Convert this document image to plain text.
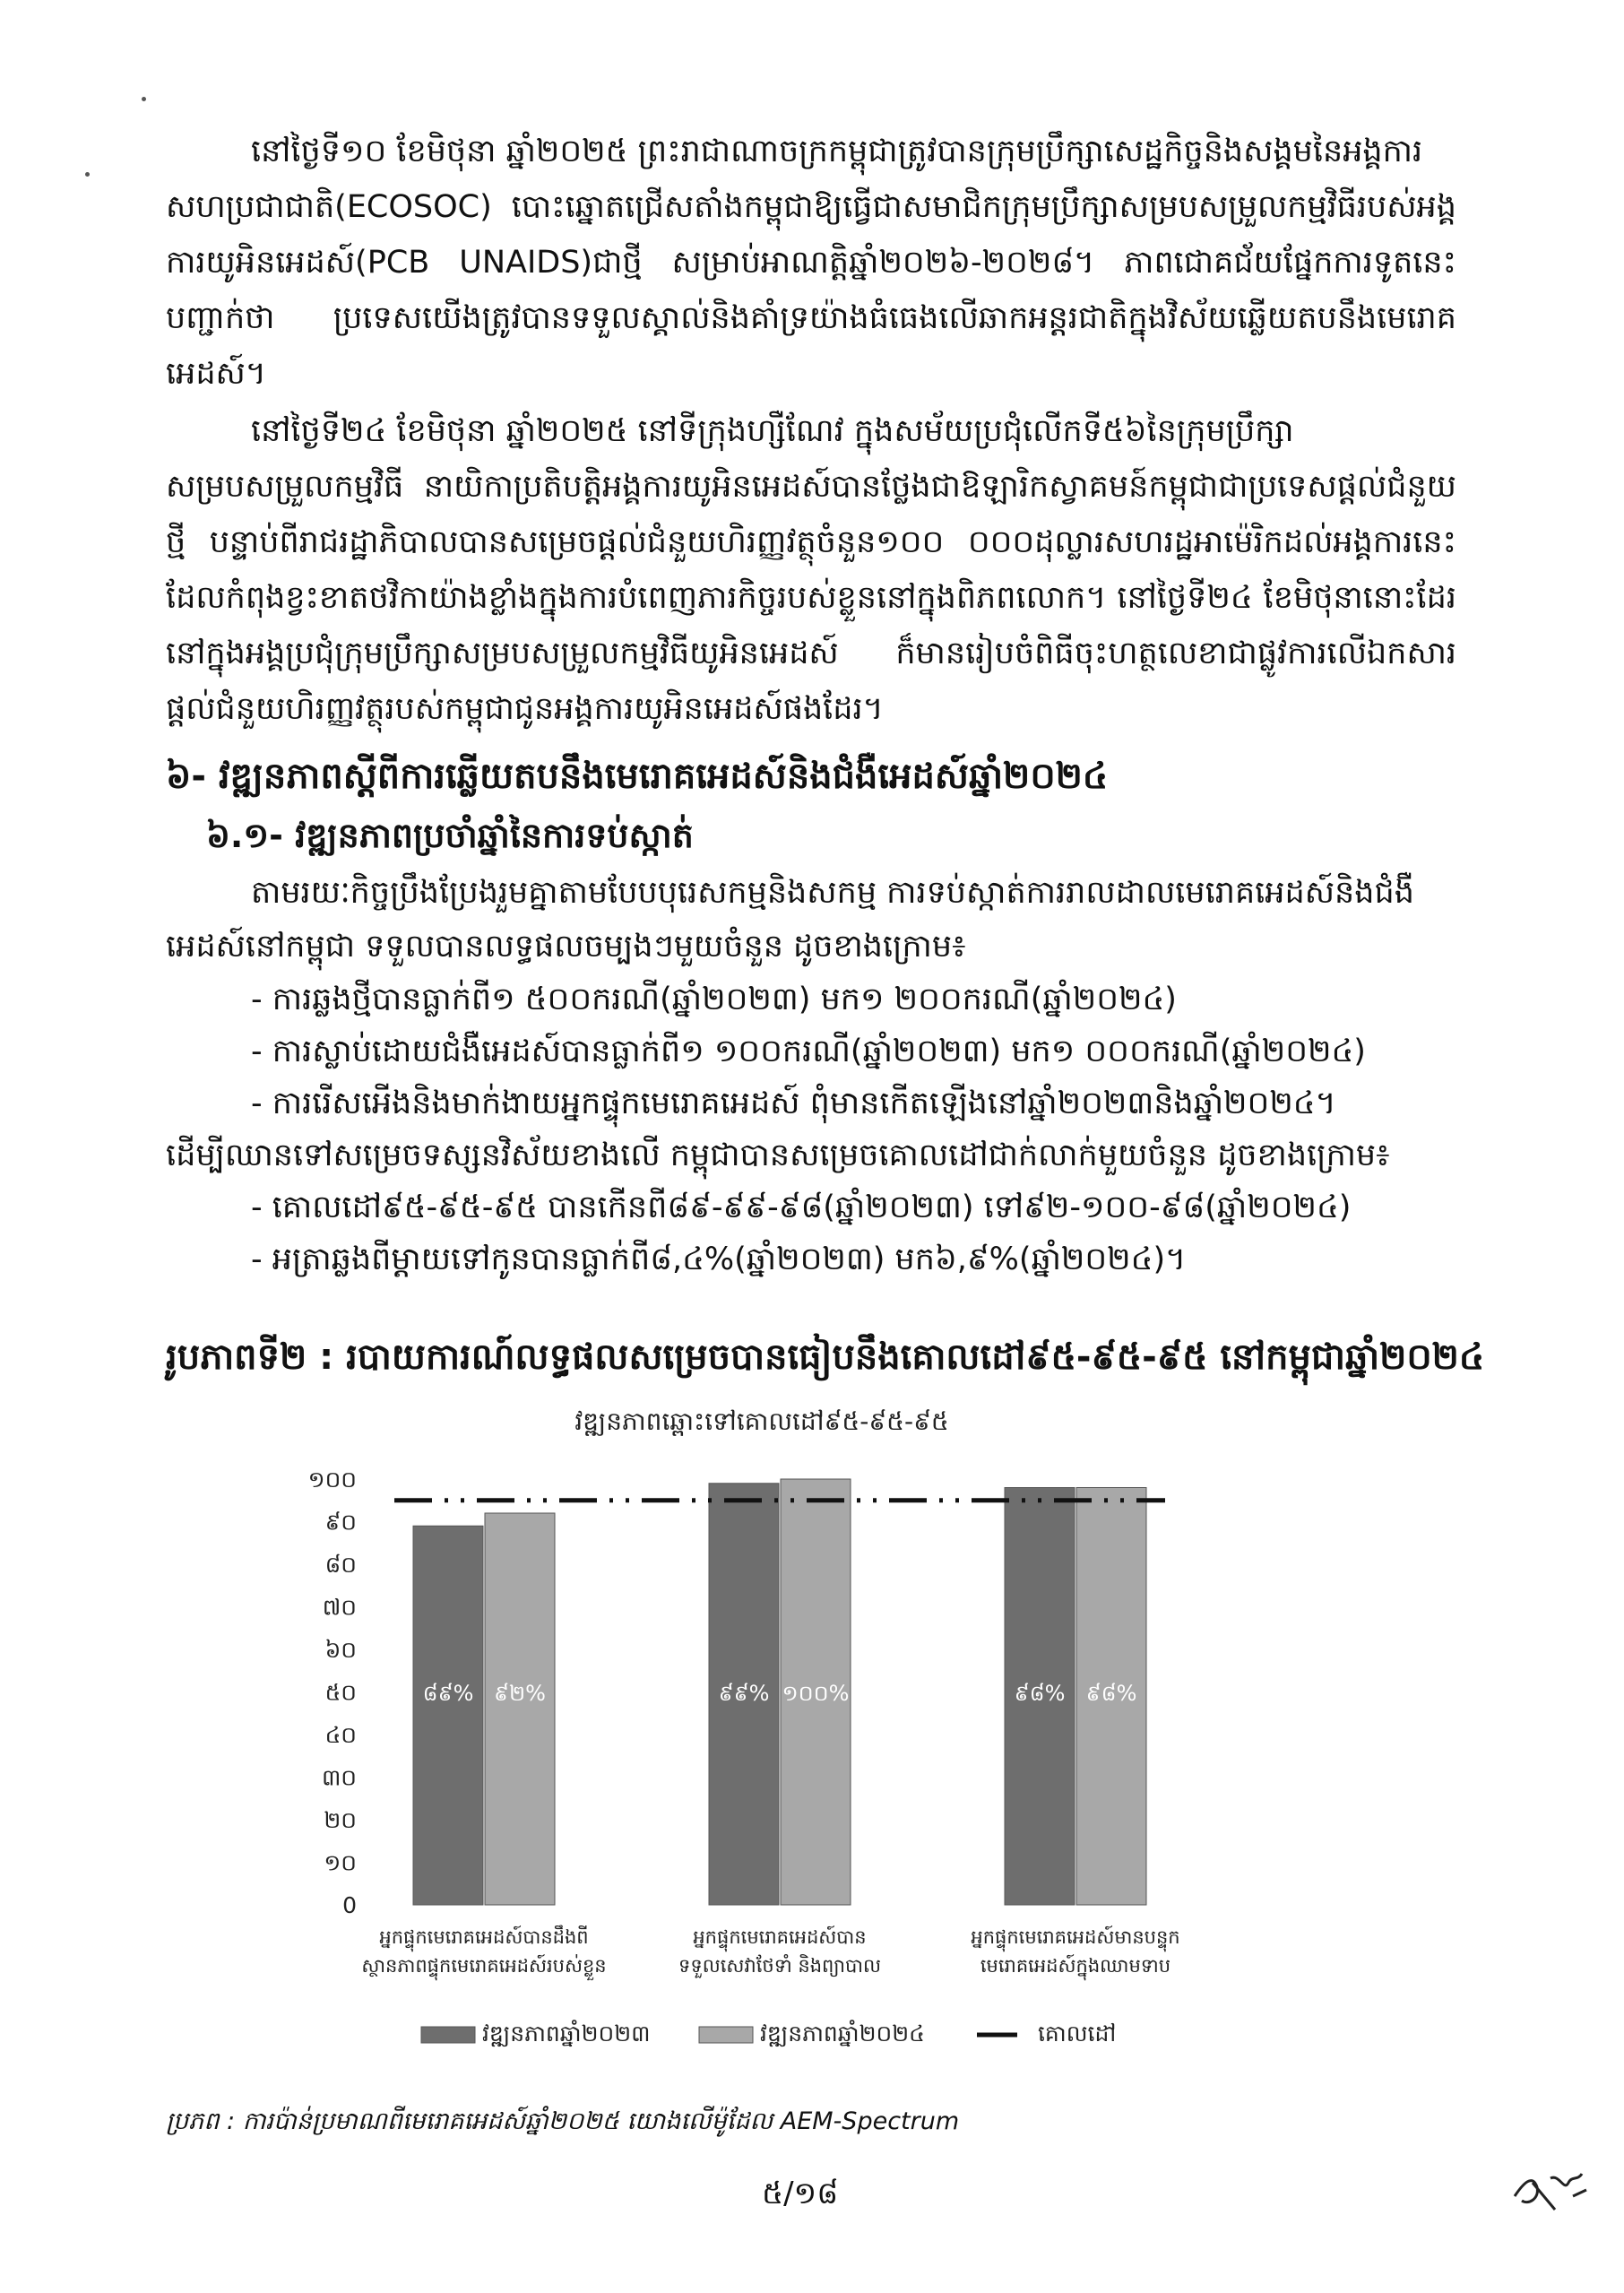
នៅថ្ងៃទី១០ ខែមិថុនា ឆ្នាំ២០២៥ ព្រះរាជាណាចក្រកម្ពុជាត្រូវបានក្រុមប្រឹក្សាសេដ្ឋកិច្ចនិងសង្គមនៃអង្គការ
សហប្រជាជាតិ(ECOSOC) បោះឆ្នោតជ្រើសតាំងកម្ពុជាឱ្យធ្វើជាសមាជិកក្រុមប្រឹក្សាសម្របសម្រួលកម្មវិធីរបស់អង្គការយូអិនអេដស៍(PCB UNAIDS)ជាថ្មី សម្រាប់អាណត្តិឆ្នាំ២០២៦-២០២៨។ ភាពជោគជ័យផ្នែកការទូតនេះបញ្ជាក់ថា ប្រទេសយើងត្រូវបានទទួលស្គាល់និងគាំទ្រយ៉ាងធំធេងលើឆាកអន្តរជាតិក្នុងវិស័យឆ្លើយតបនឹងមេរោគអេដស៍។
នៅថ្ងៃទី២៤ ខែមិថុនា ឆ្នាំ២០២៥ នៅទីក្រុងហ្សឺណែវ ក្នុងសម័យប្រជុំលើកទី៥៦នៃក្រុមប្រឹក្សា
សម្របសម្រួលកម្មវិធី នាយិកាប្រតិបត្តិអង្គការយូអិនអេដស៍បានថ្លែងជាឱឡារិកស្វាគមន៍កម្ពុជាជាប្រទេសផ្តល់ជំនួយថ្មី បន្ទាប់ពីរាជរដ្ឋាភិបាលបានសម្រេចផ្តល់ជំនួយហិរញ្ញវត្ថុចំនួន១០០ ០០០ដុល្លារសហរដ្ឋអាម៉េរិកដល់អង្គការនេះ ដែលកំពុងខ្វះខាតថវិកាយ៉ាងខ្លាំងក្នុងការបំពេញភារកិច្ចរបស់ខ្លួននៅក្នុងពិភពលោក។ នៅថ្ងៃទី២៤ ខែមិថុនានោះដែរ នៅក្នុងអង្គប្រជុំក្រុមប្រឹក្សាសម្របសម្រួលកម្មវិធីយូអិនអេដស៍ ក៏មានរៀបចំពិធីចុះហត្ថលេខាជាផ្លូវការលើឯកសារផ្តល់ជំនួយហិរញ្ញវត្ថុរបស់កម្ពុជាជូនអង្គការយូអិនអេដស៍ផងដែរ។
៦- វឌ្ឍនភាពស្តីពីការឆ្លើយតបនឹងមេរោគអេដស៍និងជំងឺអេដស៍ឆ្នាំ២០២៤
៦.១- វឌ្ឍនភាពប្រចាំឆ្នាំនៃការទប់ស្កាត់
តាមរយៈកិច្ចប្រឹងប្រែងរួមគ្នាតាមបែបបុរេសកម្មនិងសកម្ម ការទប់ស្កាត់ការរាលដាលមេរោគអេដស៍និងជំងឺ
អេដស៍នៅកម្ពុជា ទទួលបានលទ្ធផលចម្បងៗមួយចំនួន ដូចខាងក្រោម៖
- ការឆ្លងថ្មីបានធ្លាក់ពី១ ៥០០ករណី(ឆ្នាំ២០២៣) មក១ ២០០ករណី(ឆ្នាំ២០២៤)
- ការស្លាប់ដោយជំងឺអេដស៍បានធ្លាក់ពី១ ១០០ករណី(ឆ្នាំ២០២៣) មក១ ០០០ករណី(ឆ្នាំ២០២៤)
- ការរើសអើងនិងមាក់ងាយអ្នកផ្ទុកមេរោគអេដស៍ ពុំមានកើតឡើងនៅឆ្នាំ២០២៣និងឆ្នាំ២០២៤។
ដើម្បីឈានទៅសម្រេចទស្សនវិស័យខាងលើ កម្ពុជាបានសម្រេចគោលដៅជាក់លាក់មួយចំនួន ដូចខាងក្រោម៖
- គោលដៅ៩៥-៩៥-៩៥ បានកើនពី៨៩-៩៩-៩៨(ឆ្នាំ២០២៣) ទៅ៩២-១០០-៩៨(ឆ្នាំ២០២៤)
- អត្រាឆ្លងពីម្តាយទៅកូនបានធ្លាក់ពី៨,៤%(ឆ្នាំ២០២៣) មក៦,៩%(ឆ្នាំ២០២៤)។
រូបភាពទី២ : របាយការណ៍លទ្ធផលសម្រេចបានធៀបនឹងគោលដៅ៩៥-៩៥-៩៥ នៅកម្ពុជាឆ្នាំ២០២៤
វឌ្ឍនភាពឆ្ពោះទៅគោលដៅ៩៥-៩៥-៩៥
0
១០
២០
៣០
៤០
៥០
៦០
៧០
៨០
៩០
១០០
៨៩%	៩៩%	៩៨%
៩២%	១០០%	៩៨%
អ្នកផ្ទុកមេរោគអេដស៍បានដឹងពី
ស្ថានភាពផ្ទុកមេរោគអេដស៍របស់ខ្លួន
អ្នកផ្ទុកមេរោគអេដស៍បាន
ទទួលសេវាថែទាំ និងព្យាបាល
អ្នកផ្ទុកមេរោគអេដស៍មានបន្ទុក
មេរោគអេដស៍ក្នុងឈាមទាប
វឌ្ឍនភាពឆ្នាំ២០២៣	វឌ្ឍនភាពឆ្នាំ២០២៤	គោលដៅ
ប្រភព : ការប៉ាន់ប្រមាណពីមេរោគអេដស៍ឆ្នាំ២០២៥ យោងលើម៉ូដែល AEM-Spectrum
៥/១៨
